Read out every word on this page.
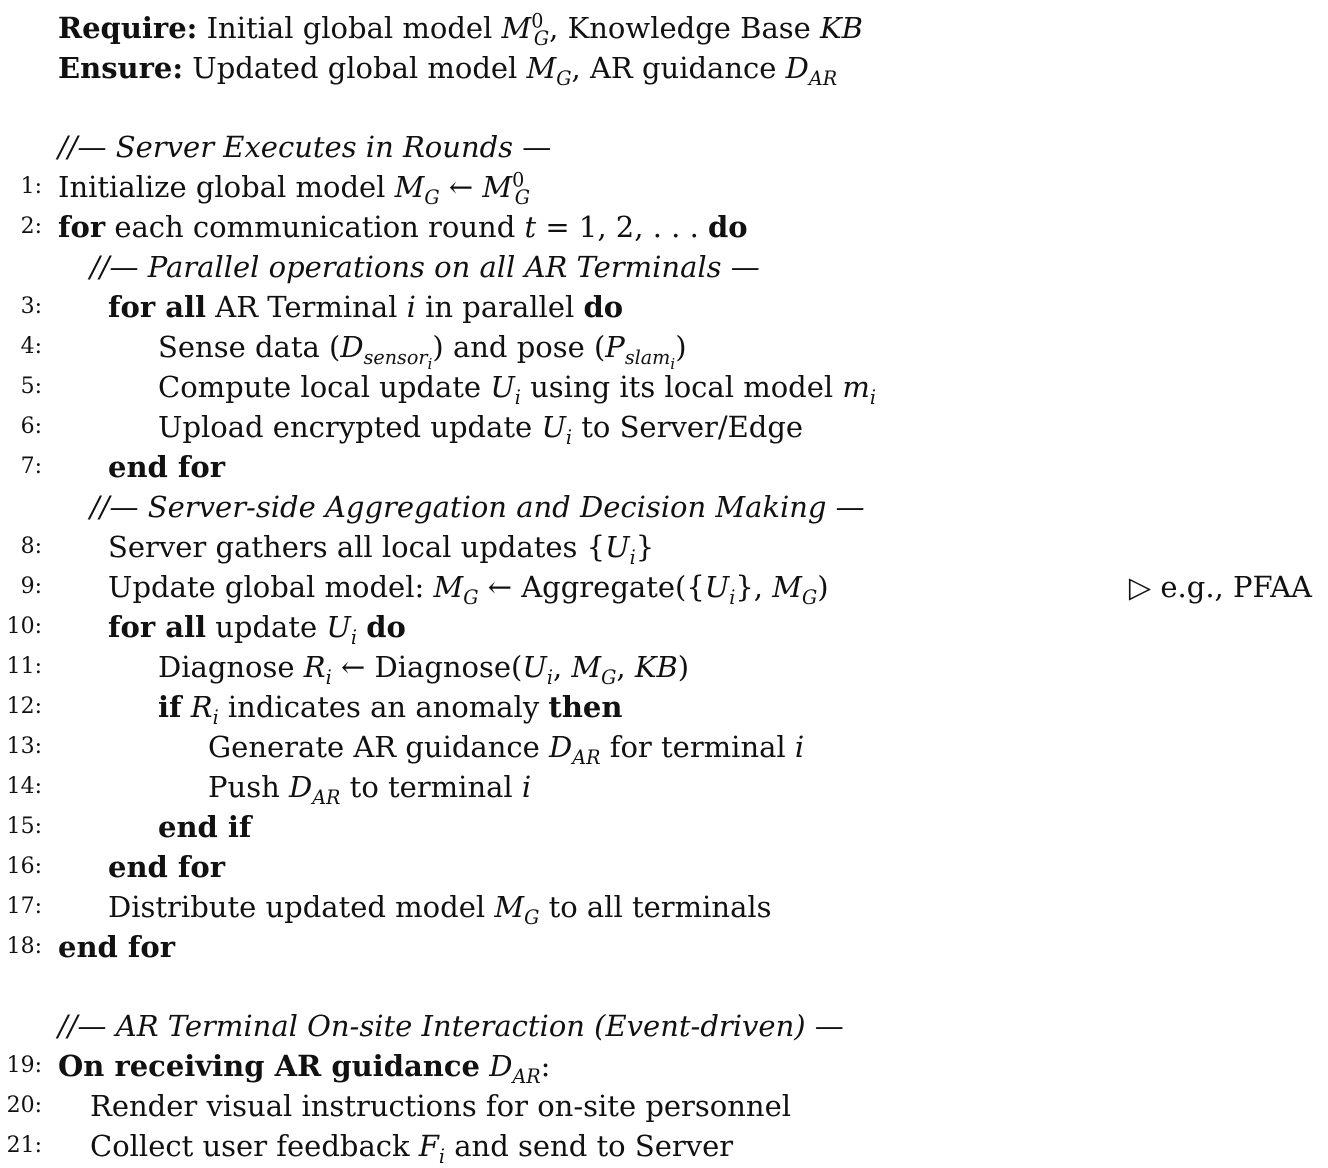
Require: Initial global model $M^0_G$, Knowledge Base KB
Ensure: Updated global model $M_G$, AR guidance $D_{AR}$
//— Server Executes in Rounds —
1: Initialize global model $M_G$ ← $M^0_G$
2: for each communication round t = 1, 2, . . . do
//— Parallel operations on all AR Terminals —
3: for all AR Terminal i in parallel do
4:	Sense data $(D_{sensor_i})$ and pose $(P_{slam_i})$
5:	Compute local update $U_i$ using its local model $m_i$
6:	Upload encrypted update $U_i$ to Server/Edge
7: end for
//— Server-side Aggregation and Decision Making —
8: Server gathers all local updates $\{U_i\}$
9: Update global model: $M_G$ ← $Aggregate(\{U_i\}$, $M_G$)	▷ e.g., PFAA
10: for all update $U_i$ do
11:	Diagnose $R_i$ ← $Diagnose(U_i$, $M_G$, KB)
12:	if $R_i$ indicates an anomaly then
13:	Generate AR guidance $D_{AR}$ for terminal i
14:	Push $D_{AR}$ to terminal i
15:	end if
16: end for
17: Distribute updated model $M_G$ to all terminals
18: end for
//— AR Terminal On-site Interaction (Event-driven) —
19: On receiving AR guidance $D_{AR}$:
20: Render visual instructions for on-site personnel
21: Collect user feedback $F_i$ and send to Server
